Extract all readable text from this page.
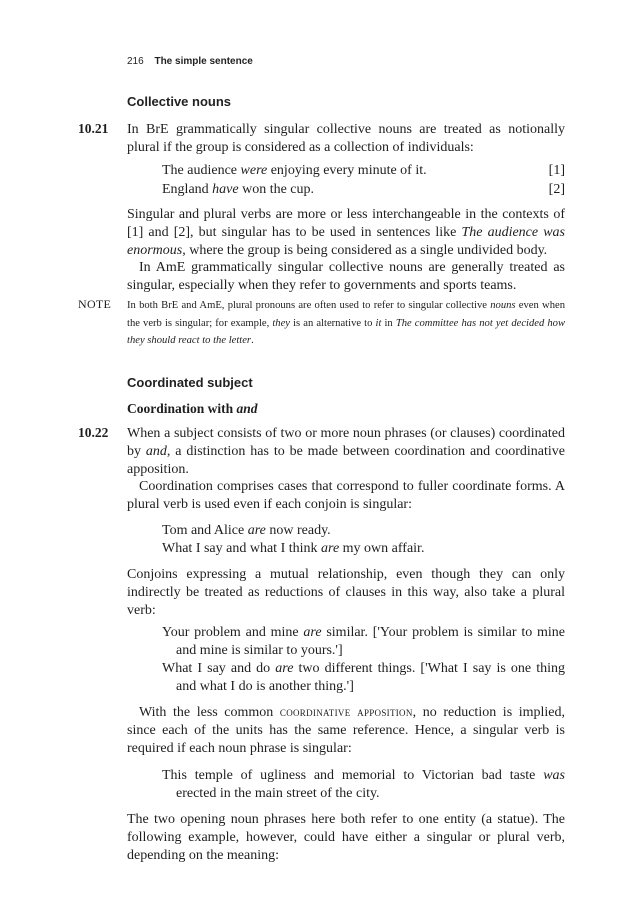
216 The simple sentence
Collective nouns
10.21 In BrE grammatically singular collective nouns are treated as notionally plural if the group is considered as a collection of individuals:

The audience were enjoying every minute of it.	[1]
England have won the cup.	[2]

Singular and plural verbs are more or less interchangeable in the contexts of [1] and [2], but singular has to be used in sentences like The audience was enormous, where the group is being considered as a single undivided body.

In AmE grammatically singular collective nouns are generally treated as singular, especially when they refer to governments and sports teams.

NOTE In both BrE and AmE, plural pronouns are often used to refer to singular collective nouns even when the verb is singular; for example, they is an alternative to it in The committee has not yet decided how they should react to the letter.

Coordinated subject
Coordination with and
10.22 When a subject consists of two or more noun phrases (or clauses) coordinated by and, a distinction has to be made between coordination and coordinative apposition.

Coordination comprises cases that correspond to fuller coordinate forms. A plural verb is used even if each conjoin is singular:

Tom and Alice are now ready.
What I say and what I think are my own affair.

Conjoins expressing a mutual relationship, even though they can only indirectly be treated as reductions of clauses in this way, also take a plural verb:

Your problem and mine are similar. ['Your problem is similar to mine and mine is similar to yours.']

What I say and do are two different things. ['What I say is one thing and what I do is another thing.']

With the less common coordinative apposition, no reduction is implied, since each of the units has the same reference. Hence, a singular verb is required if each noun phrase is singular:

This temple of ugliness and memorial to Victorian bad taste was erected in the main street of the city.

The two opening noun phrases here both refer to one entity (a statue). The following example, however, could have either a singular or plural verb, depending on the meaning:
